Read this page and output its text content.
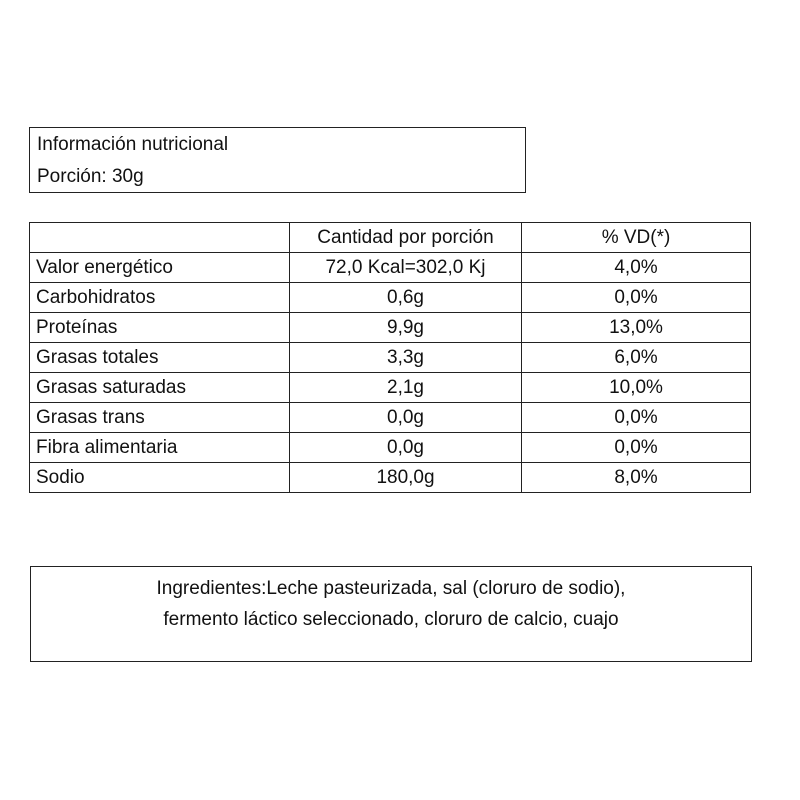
Información nutricional
Porción: 30g
	Cantidad por porción	% VD(*)
Valor energético	72,0 Kcal=302,0 Kj	4,0%
Carbohidratos	0,6g	0,0%
Proteínas	9,9g	13,0%
Grasas totales	3,3g	6,0%
Grasas saturadas	2,1g	10,0%
Grasas trans	0,0g	0,0%
Fibra alimentaria	0,0g	0,0%
Sodio	180,0g	8,0%

Ingredientes:Leche pasteurizada, sal (cloruro de sodio),
fermento láctico seleccionado, cloruro de calcio, cuajo
